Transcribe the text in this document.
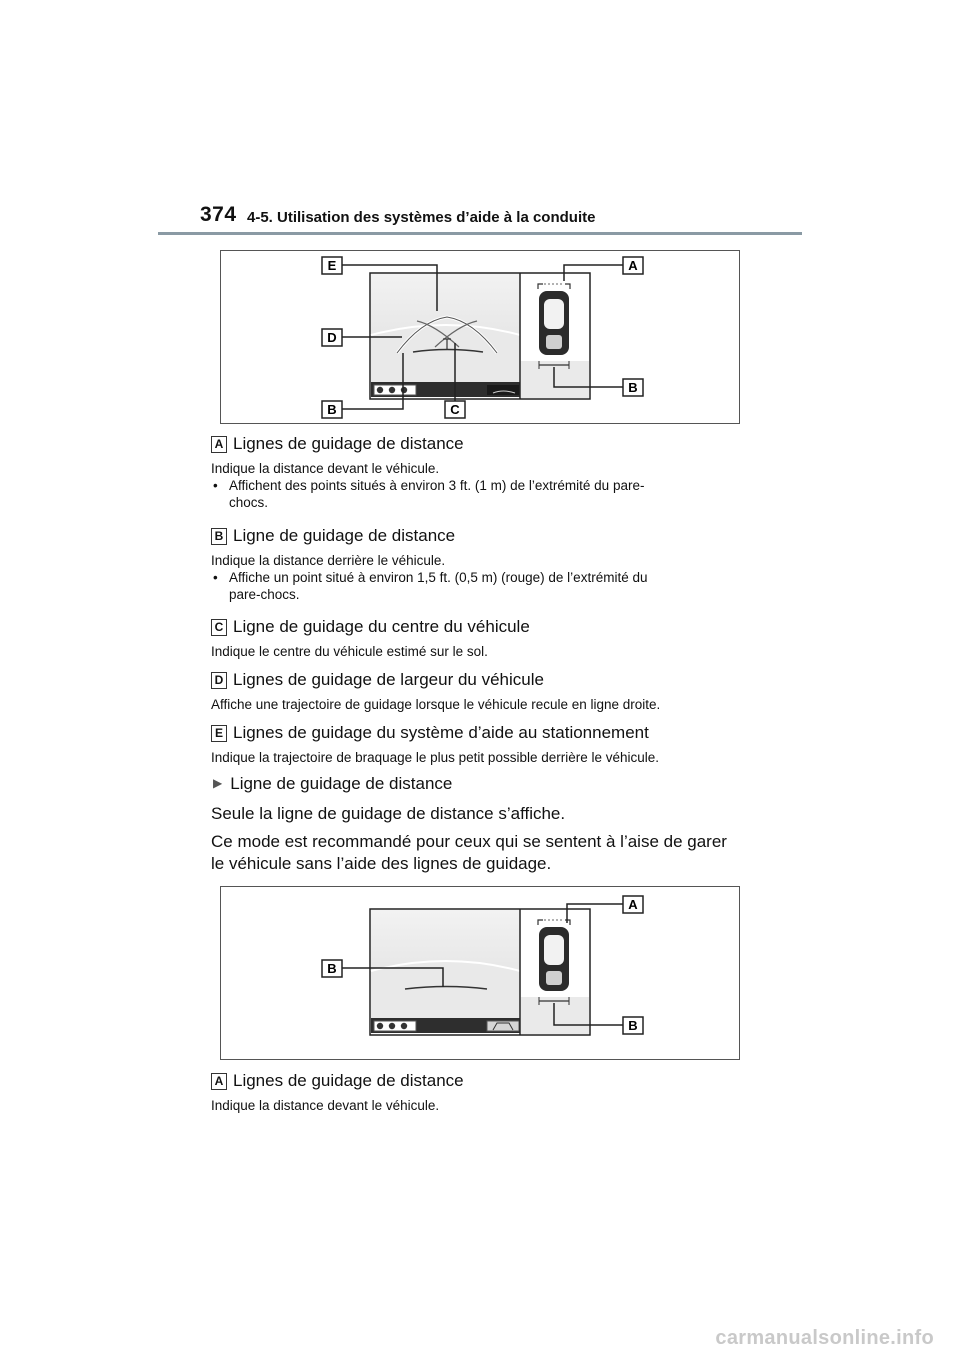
374 4-5. Utilisation des systèmes d’aide à la conduite
E
D
B	C
A
B
A Lignes de guidage de distance
Indique la distance devant le véhicule.
• Affichent des points situés à environ 3 ft. (1 m) de l’extrémité du pare-
chocs.
B Ligne de guidage de distance
Indique la distance derrière le véhicule.
• Affiche un point situé à environ 1,5 ft. (0,5 m) (rouge) de l’extrémité du
pare-chocs.
C Ligne de guidage du centre du véhicule
Indique le centre du véhicule estimé sur le sol.
D Lignes de guidage de largeur du véhicule
Affiche une trajectoire de guidage lorsque le véhicule recule en ligne droite.
E Lignes de guidage du système d’aide au stationnement
Indique la trajectoire de braquage le plus petit possible derrière le véhicule.
▶ Ligne de guidage de distance
Seule la ligne de guidage de distance s’affiche.
Ce mode est recommandé pour ceux qui se sentent à l’aise de garer
le véhicule sans l’aide des lignes de guidage.
A
B
B
A Lignes de guidage de distance
Indique la distance devant le véhicule.
carmanualsonline.info
